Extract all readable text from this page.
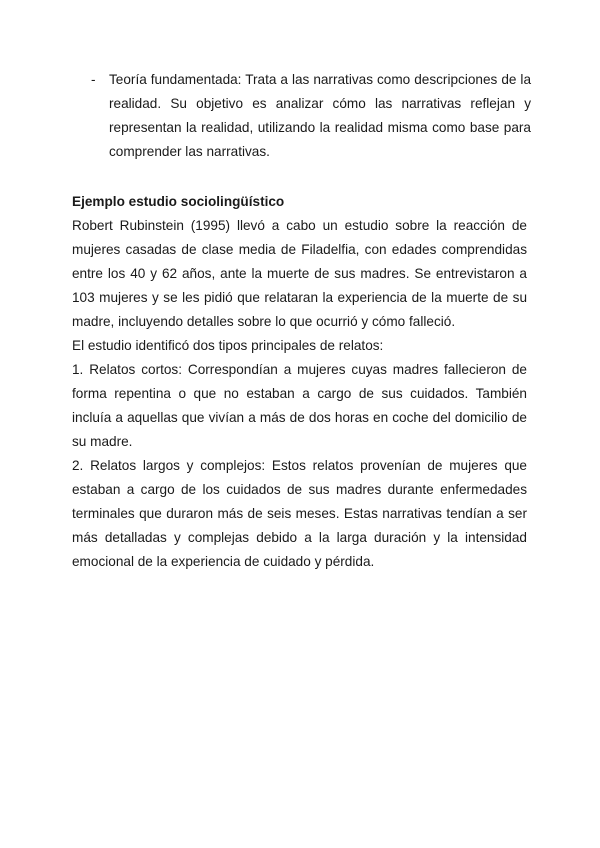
- Teoría fundamentada: Trata a las narrativas como descripciones de la realidad. Su objetivo es analizar cómo las narrativas reflejan y representan la realidad, utilizando la realidad misma como base para comprender las narrativas.
Ejemplo estudio sociolingüístico

Robert Rubinstein (1995) llevó a cabo un estudio sobre la reacción de mujeres casadas de clase media de Filadelfia, con edades comprendidas entre los 40 y 62 años, ante la muerte de sus madres. Se entrevistaron a 103 mujeres y se les pidió que relataran la experiencia de la muerte de su madre, incluyendo detalles sobre lo que ocurrió y cómo falleció.

El estudio identificó dos tipos principales de relatos:

1. Relatos cortos: Correspondían a mujeres cuyas madres fallecieron de forma repentina o que no estaban a cargo de sus cuidados. También incluía a aquellas que vivían a más de dos horas en coche del domicilio de su madre.

2. Relatos largos y complejos: Estos relatos provenían de mujeres que estaban a cargo de los cuidados de sus madres durante enfermedades terminales que duraron más de seis meses. Estas narrativas tendían a ser más detalladas y complejas debido a la larga duración y la intensidad emocional de la experiencia de cuidado y pérdida.
